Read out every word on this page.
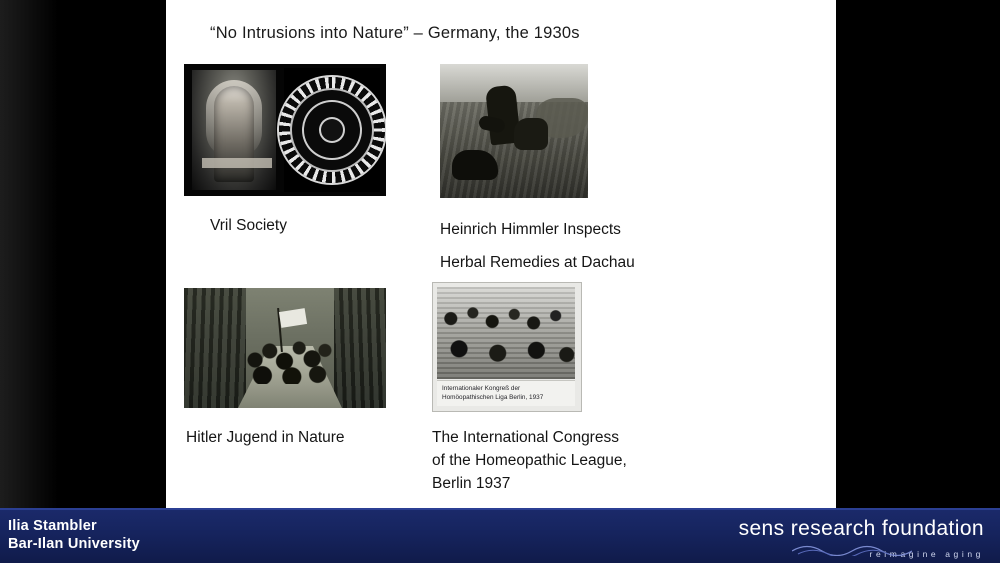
“No Intrusions into Nature” – Germany, the 1930s
Vril Society	Heinrich Himmler Inspects
Herbal Remedies at Dachau
Hitler Jugend in Nature
Internationaler Kongreß der
Homöopathischen Liga Berlin, 1937
The International Congress
of the Homeopathic League,
Berlin 1937
Ilia Stambler
Bar-Ilan University
sens research foundation
reimagine aging
